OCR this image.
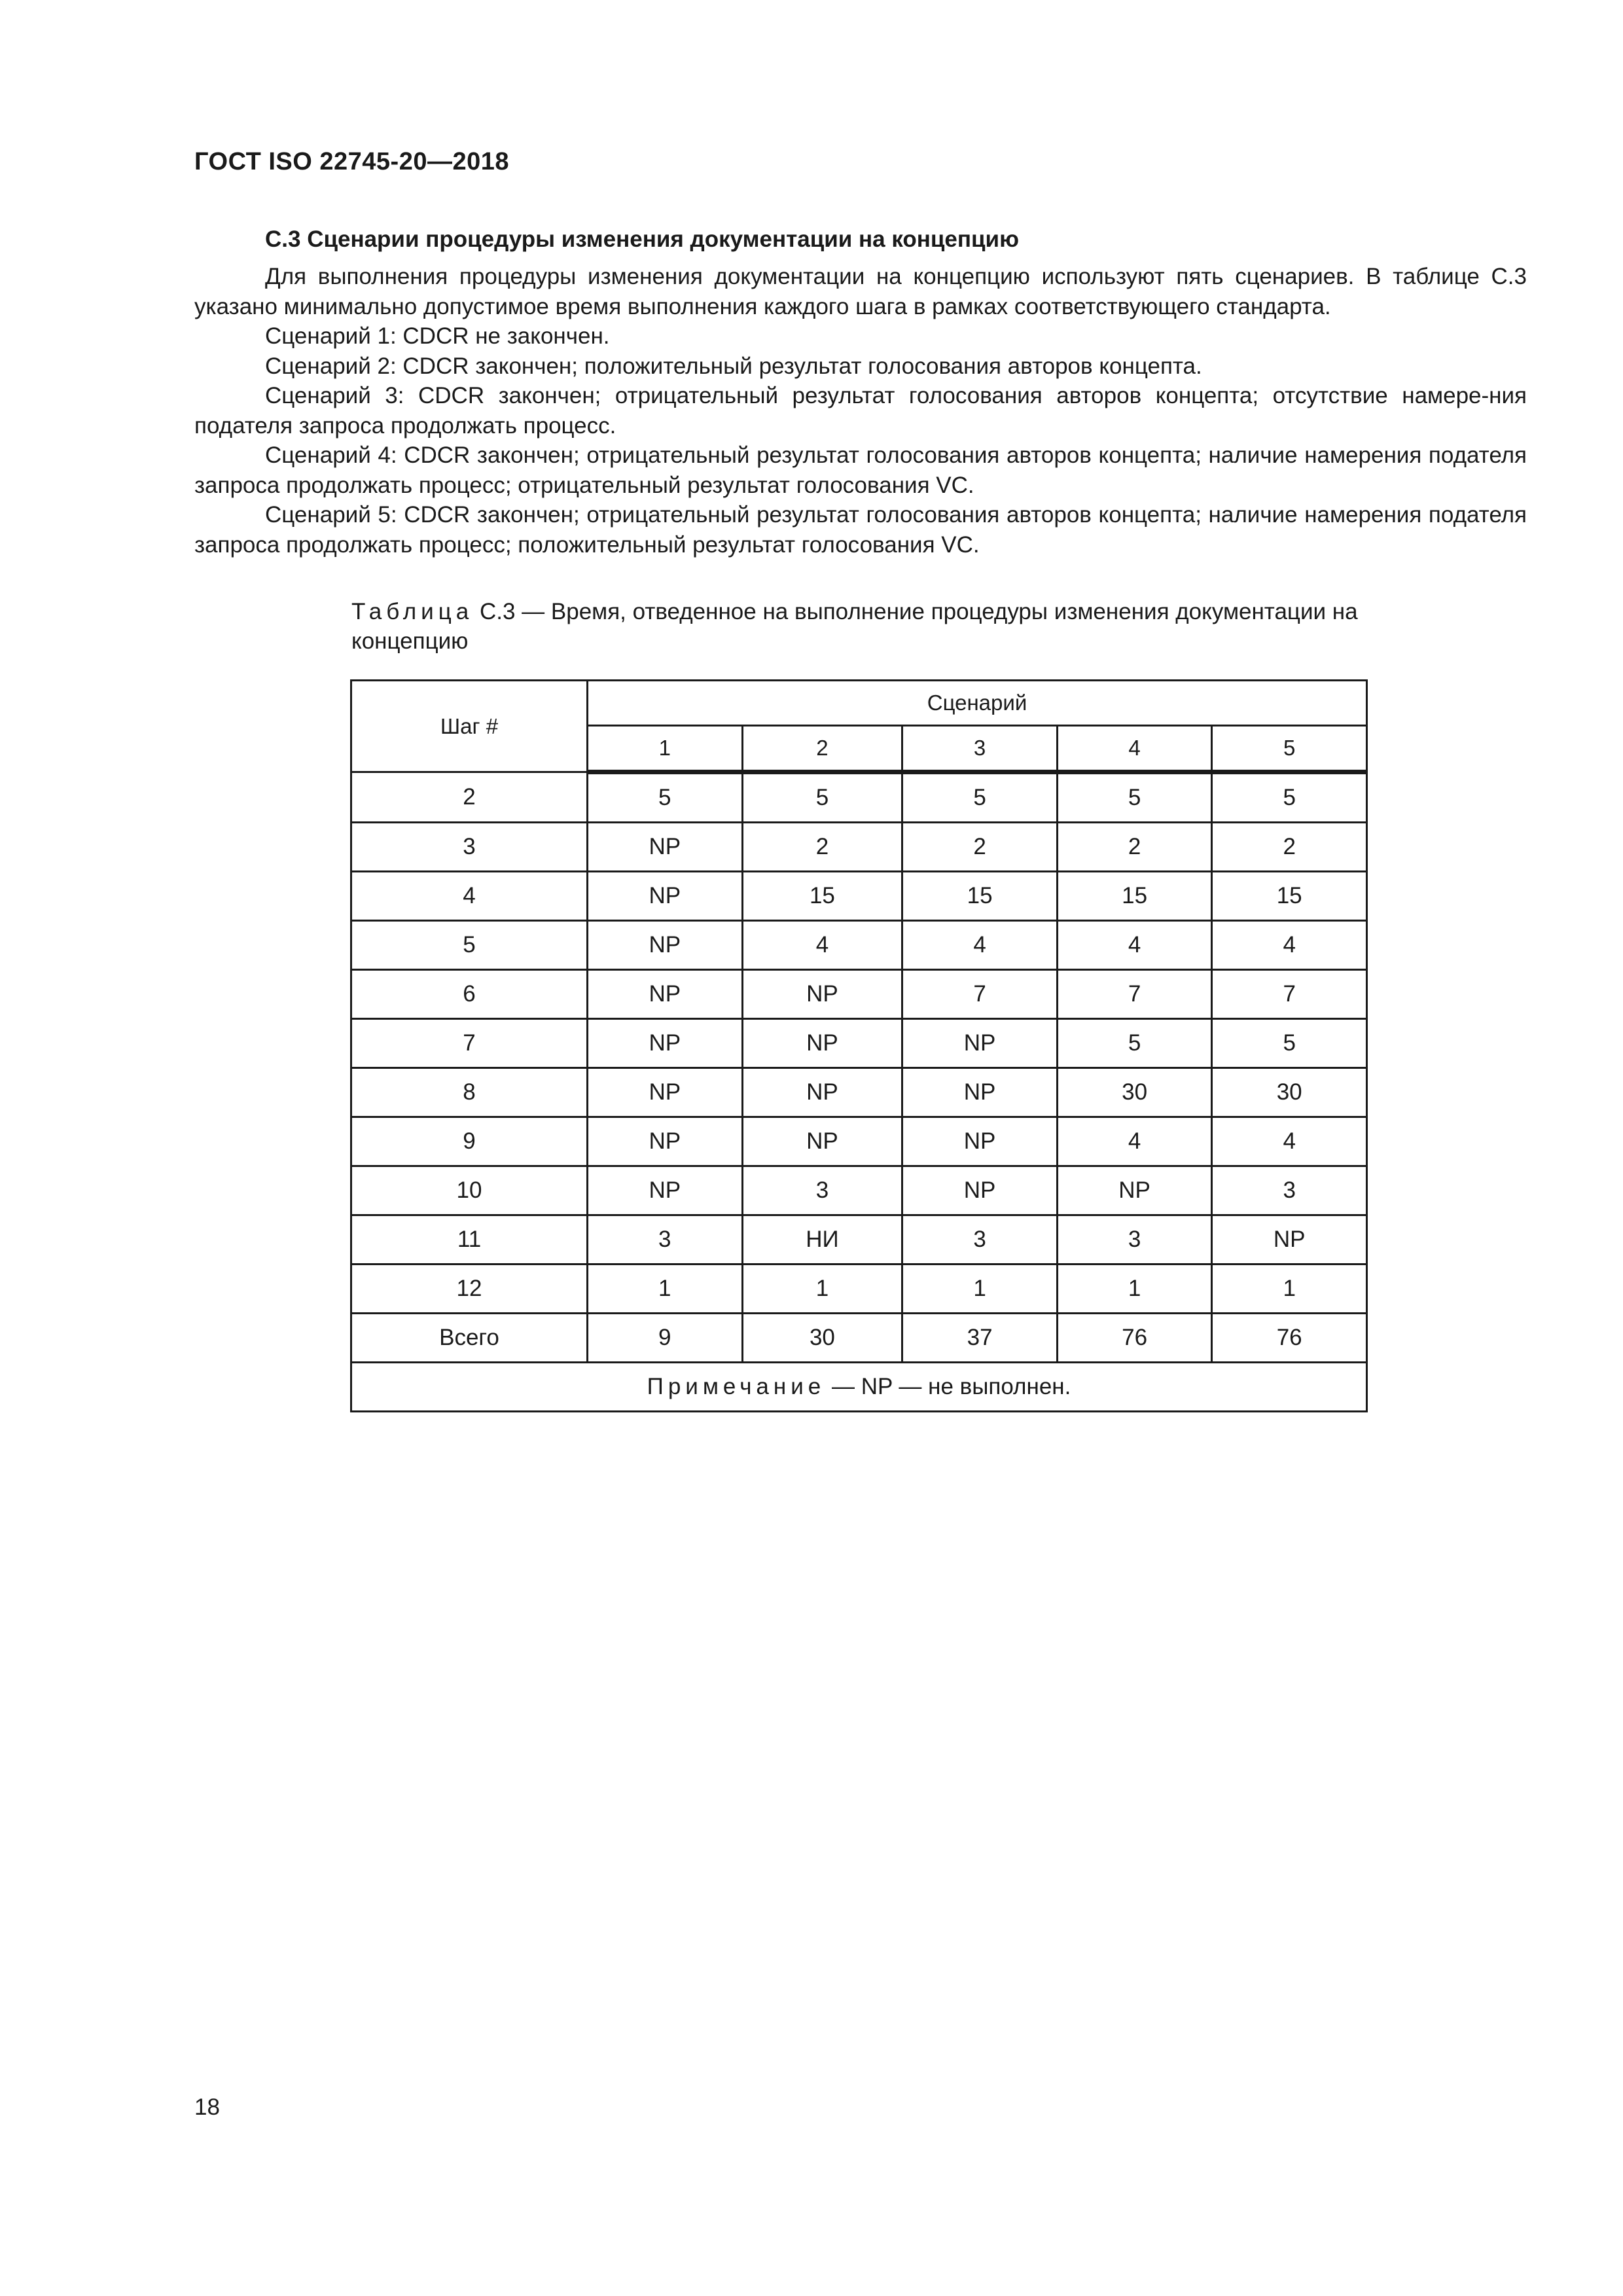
ГОСТ ISO 22745-20—2018
С.3 Сценарии процедуры изменения документации на концепцию

Для выполнения процедуры изменения документации на концепцию используют пять сценариев. В таблице С.3 указано минимально допустимое время выполнения каждого шага в рамках соответствующего стандарта.

Сценарий 1: CDCR не закончен.

Сценарий 2: CDCR закончен; положительный результат голосования авторов концепта.

Сценарий 3: CDCR закончен; отрицательный результат голосования авторов концепта; отсутствие намере-ния подателя запроса продолжать процесс.

Сценарий 4: CDCR закончен; отрицательный результат голосования авторов концепта; наличие намерения подателя запроса продолжать процесс; отрицательный результат голосования VC.

Сценарий 5: CDCR закончен; отрицательный результат голосования авторов концепта; наличие намерения подателя запроса продолжать процесс; положительный результат голосования VC.

Таблица С.3 — Время, отведенное на выполнение процедуры изменения документации на концепцию
Шаг #	Сценарий				
	1	2	3	4	5
2	5	5	5	5	5
3	NP	2	2	2	2
4	NP	15	15	15	15
5	NP	4	4	4	4
6	NP	NP	7	7	7
7	NP	NP	NP	5	5
8	NP	NP	NP	30	30
9	NP	NP	NP	4	4
10	NP	3	NP	NP	3
11	3	НИ	3	3	NP
12	1	1	1	1	1
Всего	9	30	37	76	76
Примечание — NP — не выполнен.					
18
